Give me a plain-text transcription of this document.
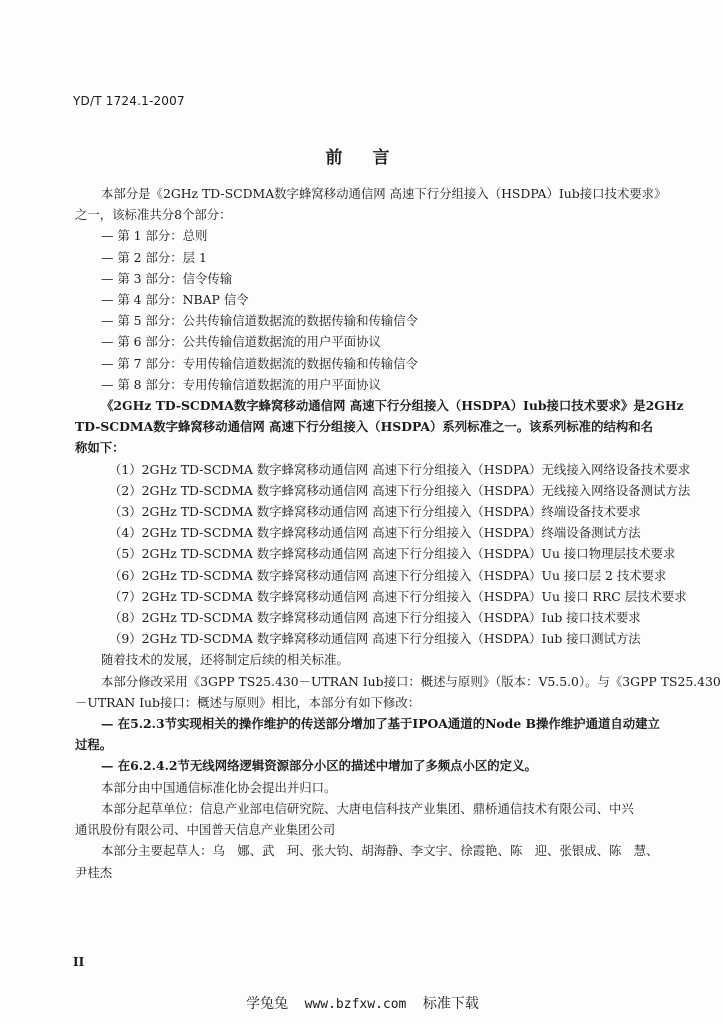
YD/T 1724.1-2007
前言

本部分是《2GHz TD-SCDMA数字蜂窝移动通信网 高速下行分组接入（HSDPA）Iub接口技术要求》

之一，该标准共分8个部分：

— 第 1 部分：总则

— 第 2 部分：层 1

— 第 3 部分：信令传输

— 第 4 部分：NBAP 信令

— 第 5 部分：公共传输信道数据流的数据传输和传输信令

— 第 6 部分：公共传输信道数据流的用户平面协议

— 第 7 部分：专用传输信道数据流的数据传输和传输信令

— 第 8 部分：专用传输信道数据流的用户平面协议

《2GHz TD-SCDMA数字蜂窝移动通信网 高速下行分组接入（HSDPA）Iub接口技术要求》是2GHz

TD-SCDMA数字蜂窝移动通信网 高速下行分组接入（HSDPA）系列标准之一。该系列标准的结构和名

称如下：

（1）2GHz TD-SCDMA 数字蜂窝移动通信网 高速下行分组接入（HSDPA）无线接入网络设备技术要求

（2）2GHz TD-SCDMA 数字蜂窝移动通信网 高速下行分组接入（HSDPA）无线接入网络设备测试方法

（3）2GHz TD-SCDMA 数字蜂窝移动通信网 高速下行分组接入（HSDPA）终端设备技术要求

（4）2GHz TD-SCDMA 数字蜂窝移动通信网 高速下行分组接入（HSDPA）终端设备测试方法

（5）2GHz TD-SCDMA 数字蜂窝移动通信网 高速下行分组接入（HSDPA）Uu 接口物理层技术要求

（6）2GHz TD-SCDMA 数字蜂窝移动通信网 高速下行分组接入（HSDPA）Uu 接口层 2 技术要求

（7）2GHz TD-SCDMA 数字蜂窝移动通信网 高速下行分组接入（HSDPA）Uu 接口 RRC 层技术要求

（8）2GHz TD-SCDMA 数字蜂窝移动通信网 高速下行分组接入（HSDPA）Iub 接口技术要求

（9）2GHz TD-SCDMA 数字蜂窝移动通信网 高速下行分组接入（HSDPA）Iub 接口测试方法

随着技术的发展，还将制定后续的相关标准。

本部分修改采用《3GPP TS25.430－UTRAN Iub接口：概述与原则》（版本：V5.5.0）。与《3GPP TS25.430

－UTRAN Iub接口：概述与原则》相比，本部分有如下修改：

— 在5.2.3节实现相关的操作维护的传送部分增加了基于IPOA通道的Node B操作维护通道自动建立

过程。

— 在6.2.4.2节无线网络逻辑资源部分小区的描述中增加了多频点小区的定义。

本部分由中国通信标准化协会提出并归口。

本部分起草单位：信息产业部电信研究院、大唐电信科技产业集团、鼎桥通信技术有限公司、中兴

通讯股份有限公司、中国普天信息产业集团公司

本部分主要起草人：乌　娜、武　珂、张大钧、胡海静、李文宇、徐霞艳、陈　迎、张银成、陈　慧、

尹桂杰

II
学兔兔 www.bzfxw.com 标准下载
